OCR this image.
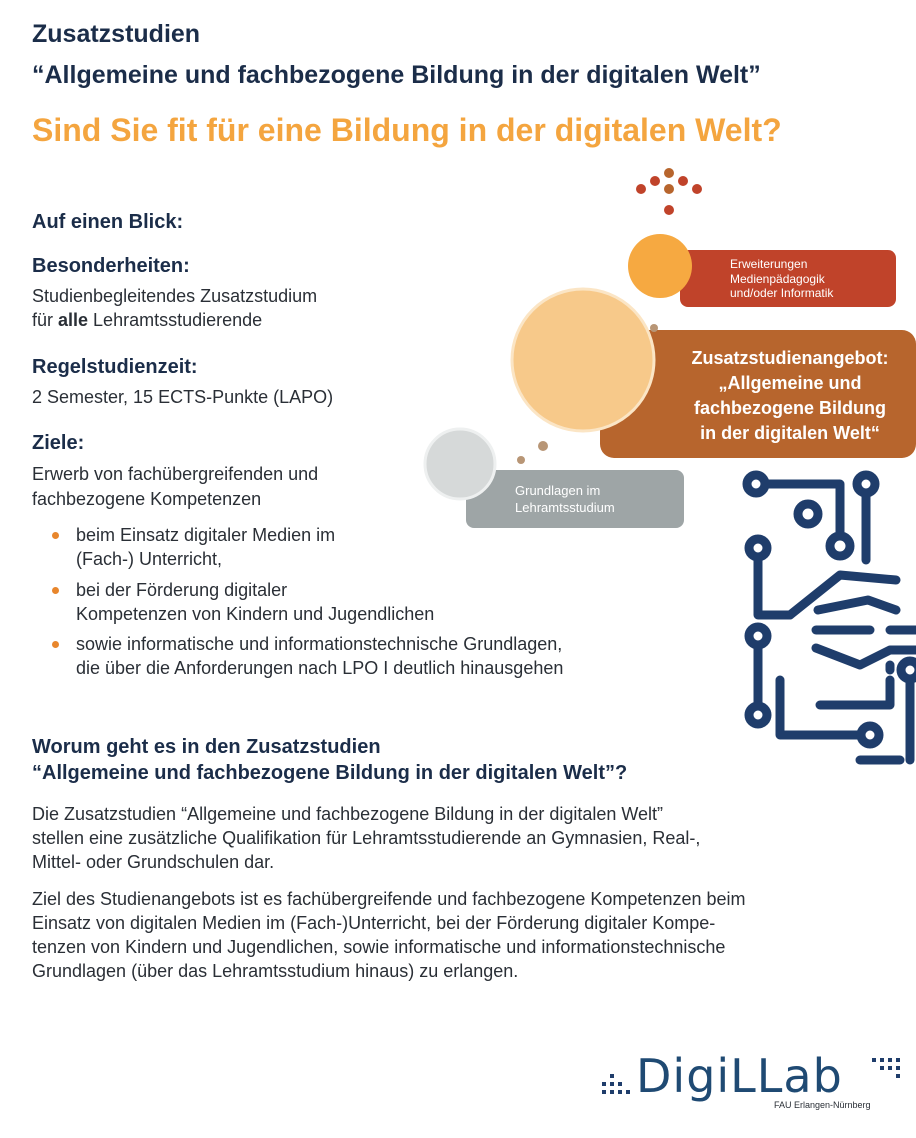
Zusatzstudien
“Allgemeine und fachbezogene Bildung in der digitalen Welt”
Sind Sie fit für eine Bildung in der digitalen Welt?
Auf einen Blick:
Besonderheiten:
Studienbegleitendes Zusatzstudium
für alle Lehramtsstudierende
Regelstudienzeit:
2 Semester, 15 ECTS-Punkte (LAPO)
Ziele:
Erwerb von fachübergreifenden und
fachbezogene Kompetenzen
beim Einsatz digitaler Medien im
(Fach-) Unterricht,
bei der Förderung digitaler
Kompetenzen von Kindern und Jugendlichen
sowie informatische und informationstechnische Grundlagen,
die über die Anforderungen nach LPO I deutlich hinausgehen
Erweiterungen
Medienpädagogik
und/oder Informatik
Zusatzstudienangebot:
„Allgemeine und
fachbezogene Bildung
in der digitalen Welt“
Grundlagen im
Lehramtsstudium
Worum geht es in den Zusatzstudien
“Allgemeine und fachbezogene Bildung in der digitalen Welt”?
Die Zusatzstudien “Allgemeine und fachbezogene Bildung in der digitalen Welt”
stellen eine zusätzliche Qualifikation für Lehramtsstudierende an Gymnasien, Real-,
Mittel- oder Grundschulen dar.
Ziel des Studienangebots ist es fachübergreifende und fachbezogene Kompetenzen beim
Einsatz von digitalen Medien im (Fach-)Unterricht, bei der Förderung digitaler Kompe-
tenzen von Kindern und Jugendlichen, sowie informatische und informationstechnische
Grundlagen (über das Lehramtsstudium hinaus) zu erlangen.
DigiLLab
FAU Erlangen-Nürnberg
